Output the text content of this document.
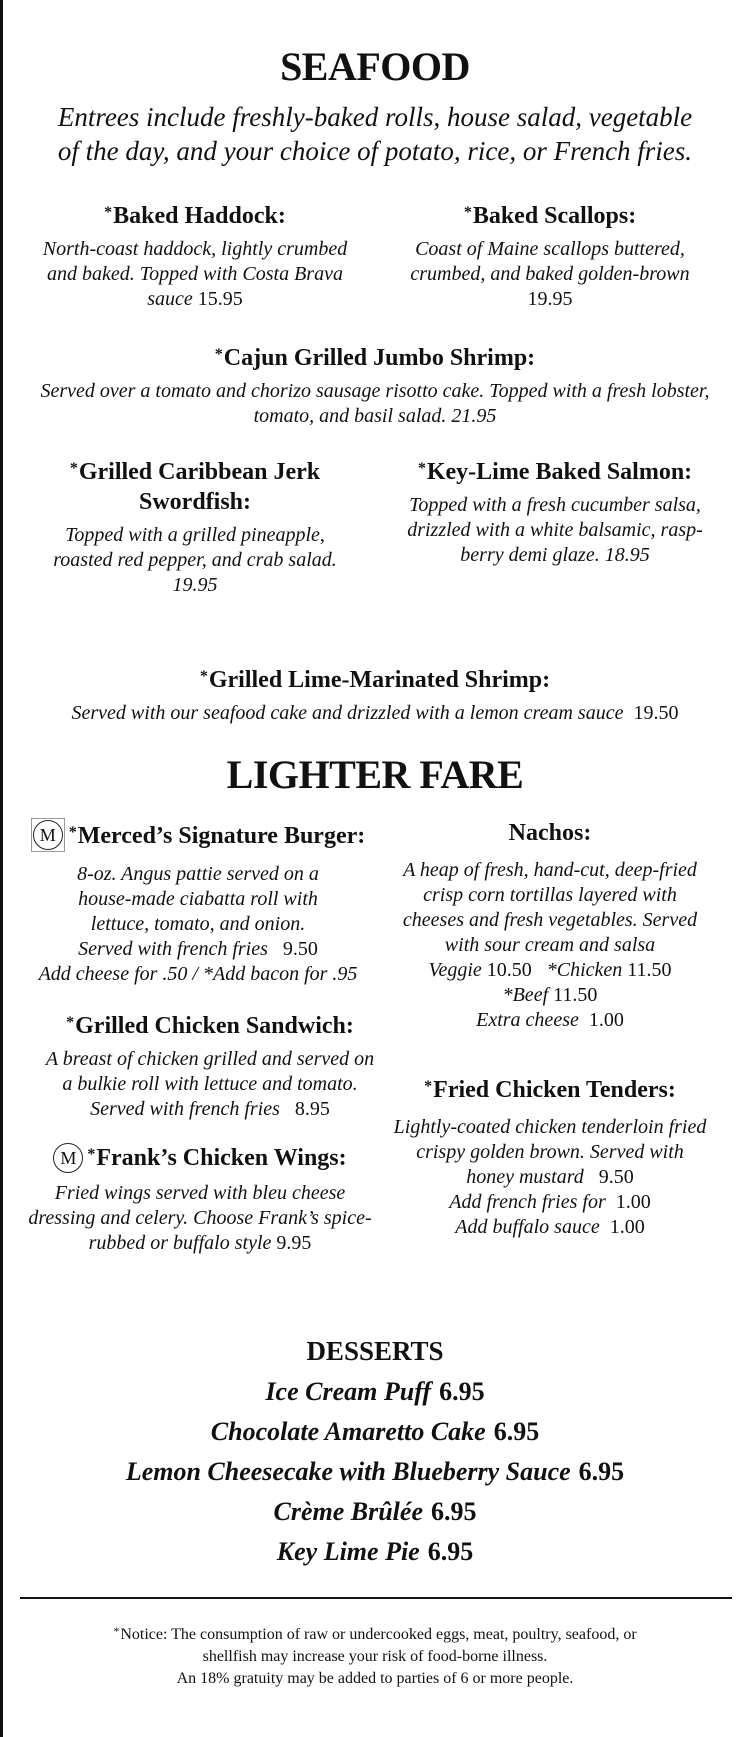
SEAFOOD
Entrees include freshly-baked rolls, house salad, vegetable
of the day, and your choice of potato, rice, or French fries.
*Baked Haddock:
North-coast haddock, lightly crumbed and baked. Topped with Costa Brava sauce 15.95
*Baked Scallops:
Coast of Maine scallops buttered, crumbed, and baked golden-brown 19.95
*Cajun Grilled Jumbo Shrimp:
Served over a tomato and chorizo sausage risotto cake. Topped with a fresh lobster, tomato, and basil salad. 21.95
*Grilled Caribbean Jerk Swordfish:
Topped with a grilled pineapple, roasted red pepper, and crab salad. 19.95
*Key-Lime Baked Salmon:
Topped with a fresh cucumber salsa, drizzled with a white balsamic, rasp-berry demi glaze. 18.95
*Grilled Lime-Marinated Shrimp:
Served with our seafood cake and drizzled with a lemon cream sauce 19.50
LIGHTER FARE
M *Merced’s Signature Burger:
8-oz. Angus pattie served on a
house-made ciabatta roll with
lettuce, tomato, and onion.
Served with french fries 9.50
Add cheese for .50 / *Add bacon for .95
*Grilled Chicken Sandwich:
A breast of chicken grilled and served on a bulkie roll with lettuce and tomato. Served with french fries 8.95
M *Frank’s Chicken Wings:
Fried wings served with bleu cheese dressing and celery. Choose Frank’s spice-rubbed or buffalo style 9.95
Nachos:
A heap of fresh, hand-cut, deep-fried crisp corn tortillas layered with cheeses and fresh vegetables. Served with sour cream and salsa
Veggie 10.50 *Chicken 11.50
*Beef 11.50
Extra cheese 1.00
*Fried Chicken Tenders:
Lightly-coated chicken tenderloin fried crispy golden brown. Served with honey mustard 9.50
Add french fries for 1.00
Add buffalo sauce 1.00
DESSERTS
Ice Cream Puff 6.95
Chocolate Amaretto Cake 6.95
Lemon Cheesecake with Blueberry Sauce 6.95
Crème Brûlée 6.95
Key Lime Pie 6.95
*Notice: The consumption of raw or undercooked eggs, meat, poultry, seafood, or
shellfish may increase your risk of food-borne illness.
An 18% gratuity may be added to parties of 6 or more people.
